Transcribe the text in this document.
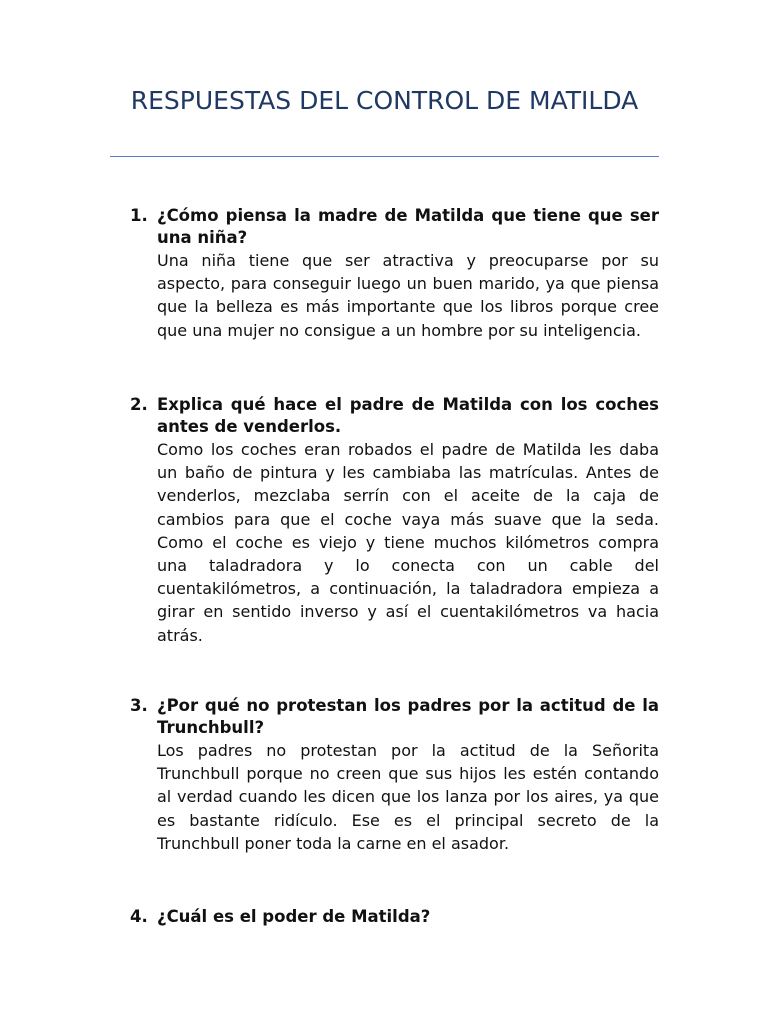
RESPUESTAS DEL CONTROL DE MATILDA
1. ¿Cómo piensa la madre de Matilda que tiene que ser una niña?

Una niña tiene que ser atractiva y preocuparse por su aspecto, para conseguir luego un buen marido, ya que piensa que la belleza es más importante que los libros porque cree que una mujer no consigue a un hombre por su inteligencia.

2. Explica qué hace el padre de Matilda con los coches antes de venderlos.

Como los coches eran robados el padre de Matilda les daba un baño de pintura y les cambiaba las matrículas. Antes de venderlos, mezclaba serrín con el aceite de la caja de cambios para que el coche vaya más suave que la seda. Como el coche es viejo y tiene muchos kilómetros compra una taladradora y lo conecta con un cable del cuentakilómetros, a continuación, la taladradora empieza a girar en sentido inverso y así el cuentakilómetros va hacia atrás.

3. ¿Por qué no protestan los padres por la actitud de la Trunchbull?

Los padres no protestan por la actitud de la Señorita Trunchbull porque no creen que sus hijos les estén contando al verdad cuando les dicen que los lanza por los aires, ya que es bastante ridículo. Ese es el principal secreto de la Trunchbull poner toda la carne en el asador.

4. ¿Cuál es el poder de Matilda?
